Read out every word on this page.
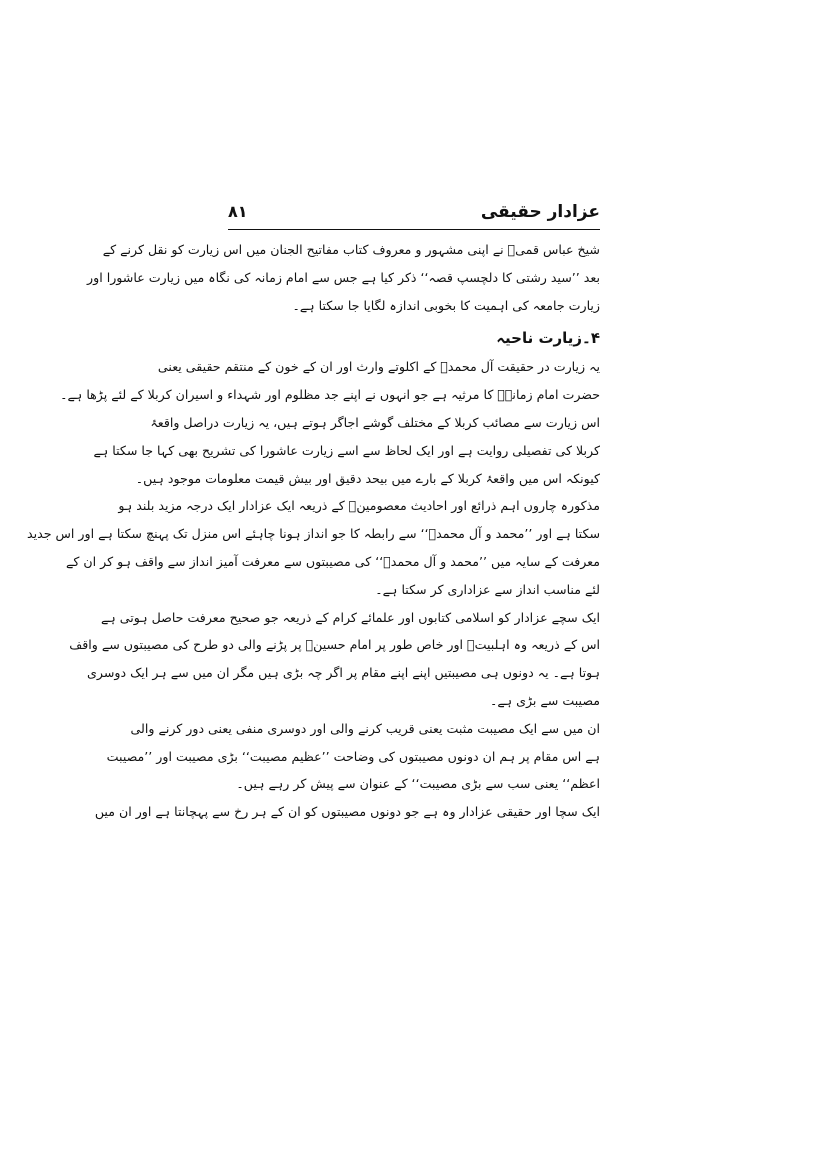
عزادار حقیقی
۸۱
شیخ عباس قمیؒ نے اپنی مشہور و معروف کتاب مفاتیح الجنان میں اس زیارت کو نقل کرنے کے
بعد ’’سید رشتی کا دلچسپ قصہ‘‘ ذکر کیا ہے جس سے امام زمانہ کی نگاہ میں زیارت عاشورا اور
زیارت جامعہ کی اہمیت کا بخوبی اندازہ لگایا جا سکتا ہے۔
۴۔زیارت ناحیہ
یہ زیارت در حقیقت آل محمدؐ کے اکلوتے وارث اور ان کے خون کے منتقم حقیقی یعنی
حضرت امام زمانہؑ کا مرثیہ ہے جو انہوں نے اپنے جد مظلوم اور شہداء و اسیران کربلا کے لئے پڑھا ہے۔
اس زیارت سے مصائب کربلا کے مختلف گوشے اجاگر ہوتے ہیں، یہ زیارت دراصل واقعۂ
کربلا کی تفصیلی روایت ہے اور ایک لحاظ سے اسے زیارت عاشورا کی تشریح بھی کہا جا سکتا ہے
کیونکہ اس میں واقعۂ کربلا کے بارے میں بیحد دقیق اور بیش قیمت معلومات موجود ہیں۔
مذکورہ چاروں اہم ذرائع اور احادیث معصومینؑ کے ذریعہ ایک عزادار ایک درجہ مزید بلند ہو
سکتا ہے اور ’’محمد و آل محمدؐ‘‘ سے رابطہ کا جو انداز ہونا چاہئے اس منزل تک پہنچ سکتا ہے اور اس جدید
معرفت کے سایہ میں ’’محمد و آل محمدؐ‘‘ کی مصیبتوں سے معرفت آمیز انداز سے واقف ہو کر ان کے
لئے مناسب انداز سے عزاداری کر سکتا ہے۔
ایک سچے عزادار کو اسلامی کتابوں اور علمائے کرام کے ذریعہ جو صحیح معرفت حاصل ہوتی ہے
اس کے ذریعہ وہ اہلبیتؑ اور خاص طور پر امام حسینؑ پر پڑنے والی دو طرح کی مصیبتوں سے واقف
ہوتا ہے۔ یہ دونوں ہی مصیبتیں اپنے اپنے مقام پر اگر چہ بڑی ہیں مگر ان میں سے ہر ایک دوسری
مصیبت سے بڑی ہے۔
ان میں سے ایک مصیبت مثبت یعنی قریب کرنے والی اور دوسری منفی یعنی دور کرنے والی
ہے اس مقام پر ہم ان دونوں مصیبتوں کی وضاحت ’’عظیم مصیبت‘‘ بڑی مصیبت اور ’’مصیبت
اعظم‘‘ یعنی سب سے بڑی مصیبت‘‘ کے عنوان سے پیش کر رہے ہیں۔
ایک سچا اور حقیقی عزادار وہ ہے جو دونوں مصیبتوں کو ان کے ہر رخ سے پہچانتا ہے اور ان میں
